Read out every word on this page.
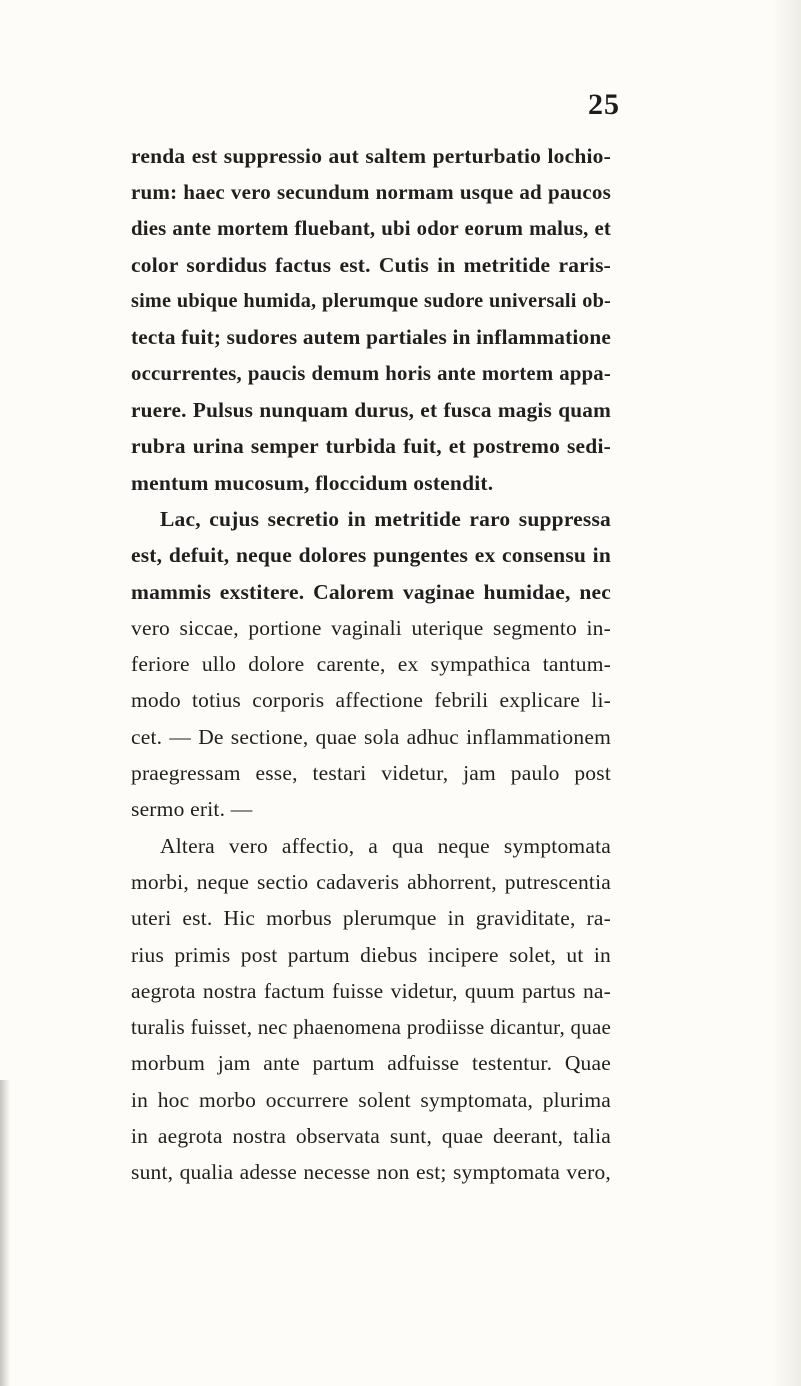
25
renda est suppressio aut saltem perturbatio lochio-
rum: haec vero secundum normam usque ad paucos
dies ante mortem fluebant, ubi odor eorum malus, et
color sordidus factus est. Cutis in metritide raris-
sime ubique humida, plerumque sudore universali ob-
tecta fuit; sudores autem partiales in inflammatione
occurrentes, paucis demum horis ante mortem appa-
ruere. Pulsus nunquam durus, et fusca magis quam
rubra urina semper turbida fuit, et postremo sedi-
mentum mucosum, floccidum ostendit.
Lac, cujus secretio in metritide raro suppressa
est, defuit, neque dolores pungentes ex consensu in
mammis exstitere. Calorem vaginae humidae, nec
vero siccae, portione vaginali uterique segmento in-
feriore ullo dolore carente, ex sympathica tantum-
modo totius corporis affectione febrili explicare li-
cet. — De sectione, quae sola adhuc inflammationem
praegressam esse, testari videtur, jam paulo post
sermo erit. —
Altera vero affectio, a qua neque symptomata
morbi, neque sectio cadaveris abhorrent, putrescentia
uteri est. Hic morbus plerumque in graviditate, ra-
rius primis post partum diebus incipere solet, ut in
aegrota nostra factum fuisse videtur, quum partus na-
turalis fuisset, nec phaenomena prodiisse dicantur, quae
morbum jam ante partum adfuisse testentur. Quae
in hoc morbo occurrere solent symptomata, plurima
in aegrota nostra observata sunt, quae deerant, talia
sunt, qualia adesse necesse non est; symptomata vero,
